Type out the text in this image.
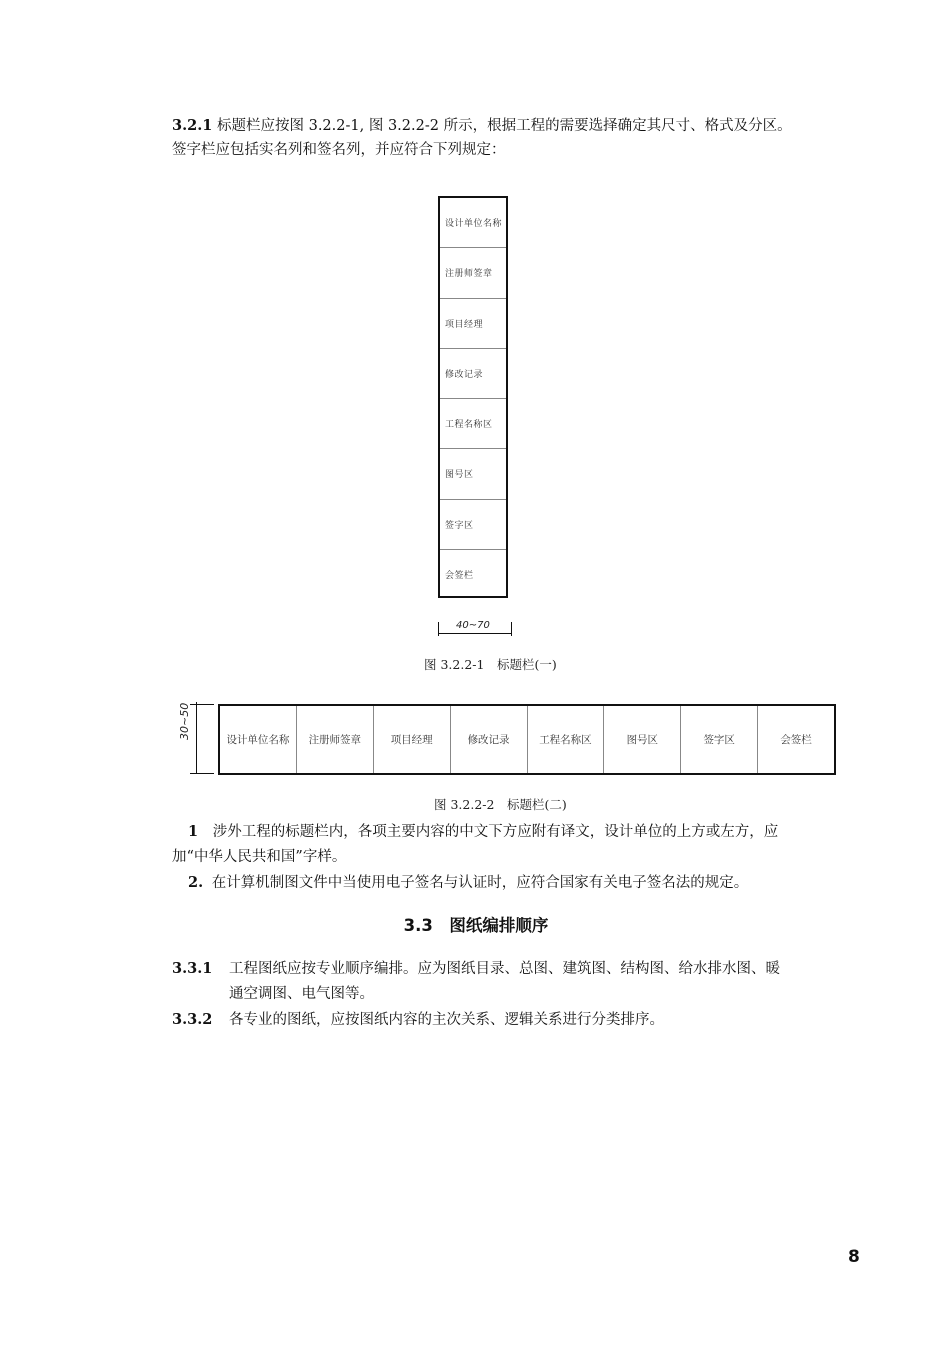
3.2.1 标题栏应按图 3.2.2-1, 图 3.2.2-2 所示，根据工程的需要选择确定其尺寸、格式及分区。
签字栏应包括实名列和签名列，并应符合下列规定：
设计单位名称
注册师签章
项目经理
修改记录
工程名称区
图号区
签字区
会签栏
40~70
图 3.2.2-1　标题栏(一)
30~50	设计单位名称	注册师签章	项目经理	修改记录	工程名称区	图号区	签字区	会签栏
图 3.2.2-2　标题栏(二)
1 涉外工程的标题栏内，各项主要内容的中文下方应附有译文，设计单位的上方或左方，应
加“中华人民共和国”字样。
2. 在计算机制图文件中当使用电子签名与认证时，应符合国家有关电子签名法的规定。
3.3　图纸编排顺序
3.3.1 工程图纸应按专业顺序编排。应为图纸目录、总图、建筑图、结构图、给水排水图、暖
通空调图、电气图等。
3.3.2 各专业的图纸，应按图纸内容的主次关系、逻辑关系进行分类排序。
8
